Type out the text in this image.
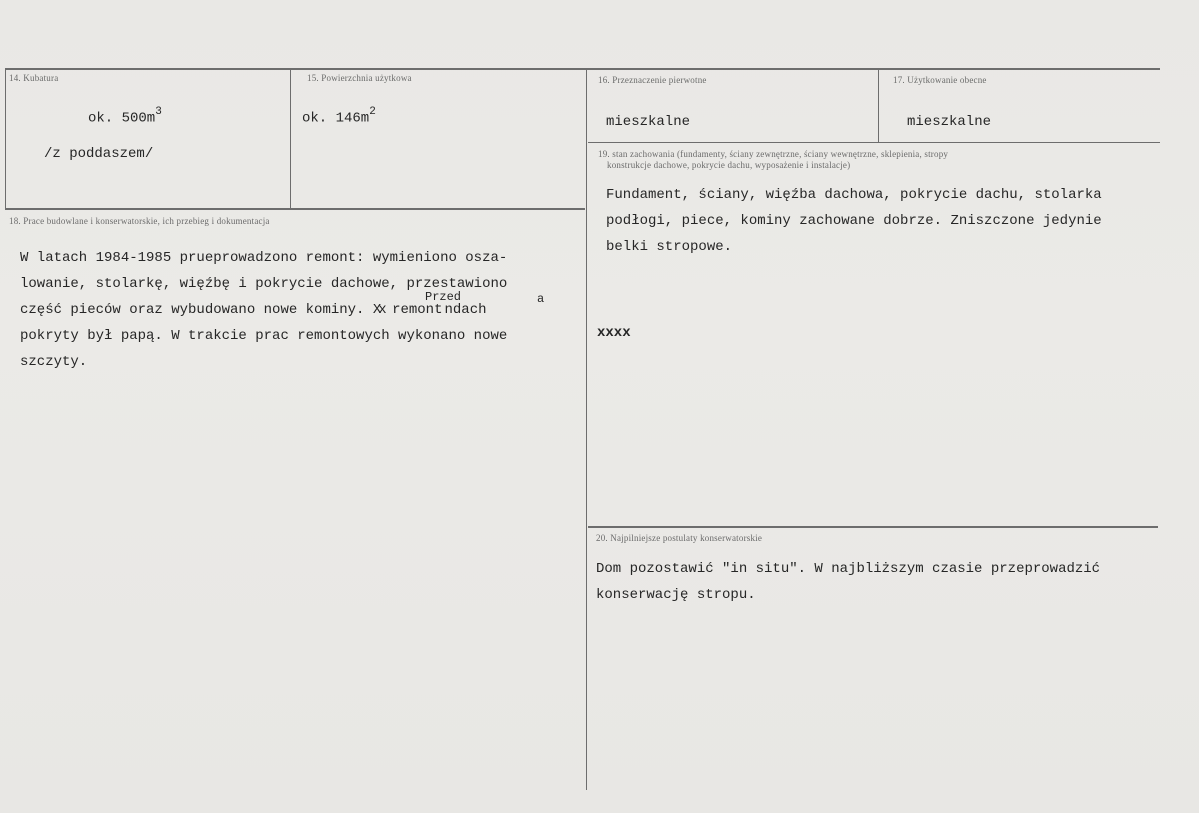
14. Kubatura
ok. $500m^3$
/z poddaszem/
15. Powierzchnia użytkowa
ok. $146m^2$
16. Przeznaczenie pierwotne
mieszkalne
17. Użytkowanie obecne
mieszkalne
18. Prace budowlane i konserwatorskie, ich przebieg i dokumentacja
W latach 1984-1985 prueprowadzono remont: wymieniono osza-
lowanie, stolarkę, więźbę i pokrycie dachowe, przestawiono
część pieców oraz wybudowano nowe kominy. Xx remont ndach
Przed	a
pokryty był papą. W trakcie prac remontowych wykonano nowe
szczyty.
19. stan zachowania (fundamenty, ściany zewnętrzne, ściany wewnętrzne, sklepienia, stropy
konstrukcje dachowe, pokrycie dachu, wyposażenie i instalacje)
Fundament, ściany, więźba dachowa, pokrycie dachu, stolarka
podłogi, piece, kominy zachowane dobrze. Zniszczone jedynie
belki stropowe.
xxxx
20. Najpilniejsze postulaty konserwatorskie
Dom pozostawić "in situ". W najbliższym czasie przeprowadzić
konserwację stropu.
